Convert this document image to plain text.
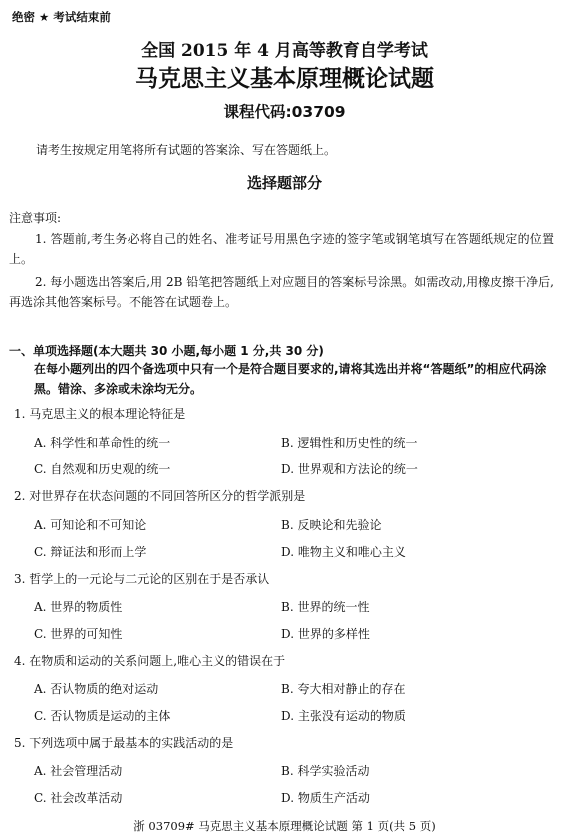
绝密 ★ 考试结束前
全国 2015 年 4 月高等教育自学考试
马克思主义基本原理概论试题
课程代码:03709
请考生按规定用笔将所有试题的答案涂、写在答题纸上。
选择题部分
注意事项:
1. 答题前,考生务必将自己的姓名、准考证号用黑色字迹的签字笔或钢笔填写在答题纸规定的位置上。
2. 每小题选出答案后,用 2B 铅笔把答题纸上对应题目的答案标号涂黑。如需改动,用橡皮擦干净后,再选涂其他答案标号。不能答在试题卷上。
一、单项选择题(本大题共 30 小题,每小题 1 分,共 30 分)
在每小题列出的四个备选项中只有一个是符合题目要求的,请将其选出并将“答题纸”的相应代码涂黑。错涂、多涂或未涂均无分。
1. 马克思主义的根本理论特征是
A. 科学性和革命性的统一	B. 逻辑性和历史性的统一
C. 自然观和历史观的统一	D. 世界观和方法论的统一
2. 对世界存在状态问题的不同回答所区分的哲学派别是
A. 可知论和不可知论	B. 反映论和先验论
C. 辩证法和形而上学	D. 唯物主义和唯心主义
3. 哲学上的一元论与二元论的区别在于是否承认
A. 世界的物质性	B. 世界的统一性
C. 世界的可知性	D. 世界的多样性
4. 在物质和运动的关系问题上,唯心主义的错误在于
A. 否认物质的绝对运动	B. 夸大相对静止的存在
C. 否认物质是运动的主体	D. 主张没有运动的物质
5. 下列选项中属于最基本的实践活动的是
A. 社会管理活动	B. 科学实验活动
C. 社会改革活动	D. 物质生产活动
浙 03709# 马克思主义基本原理概论试题 第 1 页(共 5 页)
